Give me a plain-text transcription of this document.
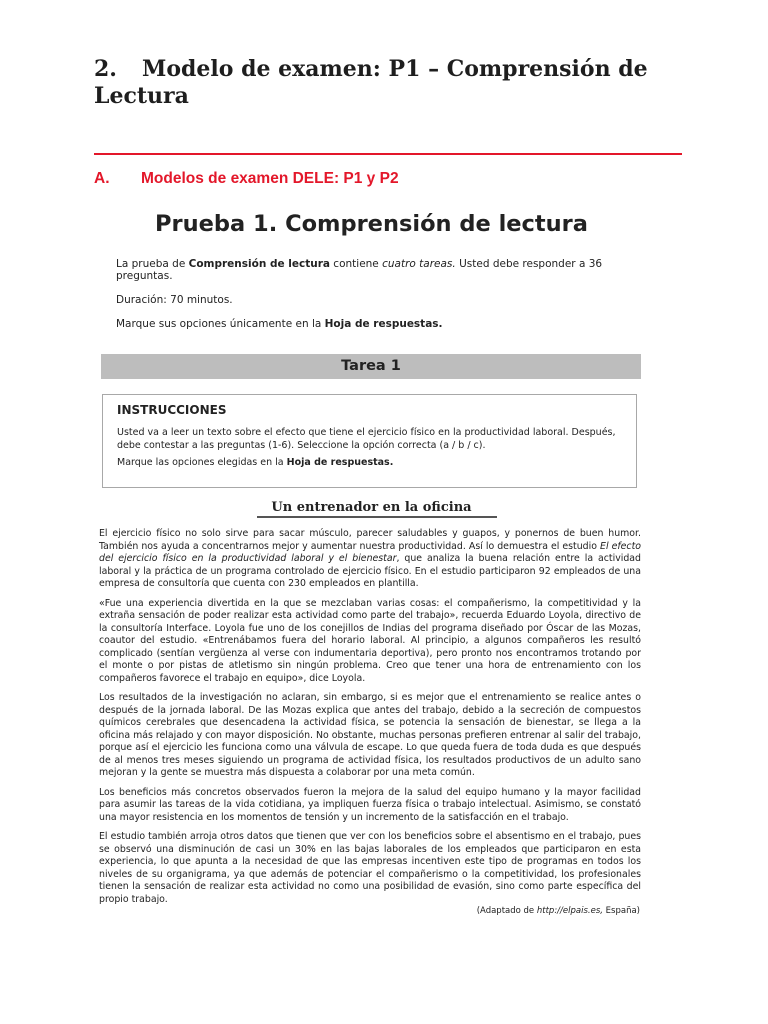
2. Modelo de examen: P1 – Comprensión de Lectura
A. Modelos de examen DELE: P1 y P2
Prueba 1. Comprensión de lectura

La prueba de Comprensión de lectura contiene cuatro tareas. Usted debe responder a 36 preguntas.

Duración: 70 minutos.

Marque sus opciones únicamente en la Hoja de respuestas.

Tarea 1
INSTRUCCIONES

Usted va a leer un texto sobre el efecto que tiene el ejercicio físico en la productividad laboral. Después, debe contestar a las preguntas (1-6). Seleccione la opción correcta (a / b / c).

Marque las opciones elegidas en la Hoja de respuestas.

Un entrenador en la oficina

El ejercicio físico no solo sirve para sacar músculo, parecer saludables y guapos, y ponernos de buen humor. También nos ayuda a concentrarnos mejor y aumentar nuestra productividad. Así lo demuestra el estudio El efecto del ejercicio físico en la productividad laboral y el bienestar, que analiza la buena relación entre la actividad laboral y la práctica de un programa controlado de ejercicio físico. En el estudio participaron 92 empleados de una empresa de consultoría que cuenta con 230 empleados en plantilla.

«Fue una experiencia divertida en la que se mezclaban varias cosas: el compañerismo, la competitividad y la extraña sensación de poder realizar esta actividad como parte del trabajo», recuerda Eduardo Loyola, directivo de la consultoría Interface. Loyola fue uno de los conejillos de Indias del programa diseñado por Óscar de las Mozas, coautor del estudio. «Entrenábamos fuera del horario laboral. Al principio, a algunos compañeros les resultó complicado (sentían vergüenza al verse con indumentaria deportiva), pero pronto nos encontramos trotando por el monte o por pistas de atletismo sin ningún problema. Creo que tener una hora de entrenamiento con los compañeros favorece el trabajo en equipo», dice Loyola.

Los resultados de la investigación no aclaran, sin embargo, si es mejor que el entrenamiento se realice antes o después de la jornada laboral. De las Mozas explica que antes del trabajo, debido a la secreción de compuestos químicos cerebrales que desencadena la actividad física, se potencia la sensación de bienestar, se llega a la oficina más relajado y con mayor disposición. No obstante, muchas personas prefieren entrenar al salir del trabajo, porque así el ejercicio les funciona como una válvula de escape. Lo que queda fuera de toda duda es que después de al menos tres meses siguiendo un programa de actividad física, los resultados productivos de un adulto sano mejoran y la gente se muestra más dispuesta a colaborar por una meta común.

Los beneficios más concretos observados fueron la mejora de la salud del equipo humano y la mayor facilidad para asumir las tareas de la vida cotidiana, ya impliquen fuerza física o trabajo intelectual. Asimismo, se constató una mayor resistencia en los momentos de tensión y un incremento de la satisfacción en el trabajo.

El estudio también arroja otros datos que tienen que ver con los beneficios sobre el absentismo en el trabajo, pues se observó una disminución de casi un 30% en las bajas laborales de los empleados que participaron en esta experiencia, lo que apunta a la necesidad de que las empresas incentiven este tipo de programas en todos los niveles de su organigrama, ya que además de potenciar el compañerismo o la competitividad, los profesionales tienen la sensación de realizar esta actividad no como una posibilidad de evasión, sino como parte específica del propio trabajo.

(Adaptado de http://elpais.es, España)
